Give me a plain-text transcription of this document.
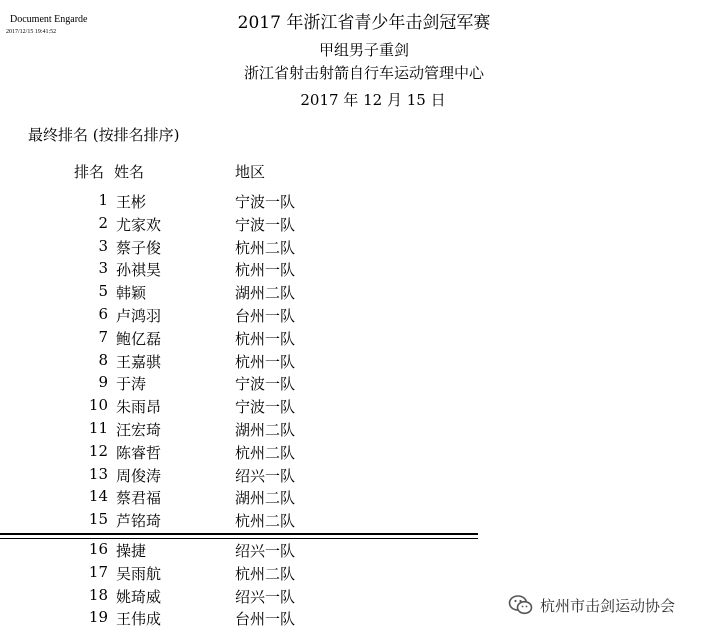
Document Engarde
2017/12/15 19:41:52	2017 年浙江省青少年击剑冠军赛
甲组男子重剑
浙江省射击射箭自行车运动管理中心
2017 年 12 月 15 日
最终排名 (按排名排序)
排名 姓名	地区
1 王彬	宁波一队
2 尤家欢	宁波一队
3 蔡子俊	杭州二队
3 孙祺昊	杭州一队
5 韩颖	湖州二队
6 卢鸿羽	台州一队
7 鲍亿磊	杭州一队
8 王嘉骐	杭州一队
9 于涛	宁波一队
10 朱雨昂	宁波一队
11 汪宏琦	湖州二队
12 陈睿哲	杭州二队
13 周俊涛	绍兴一队
14 蔡君福	湖州二队
15 芦铭琦	杭州二队
16 操捷	绍兴一队
17 吴雨航	杭州二队
18 姚琦威	绍兴一队
19 王伟成	台州一队
杭州市击剑运动协会
